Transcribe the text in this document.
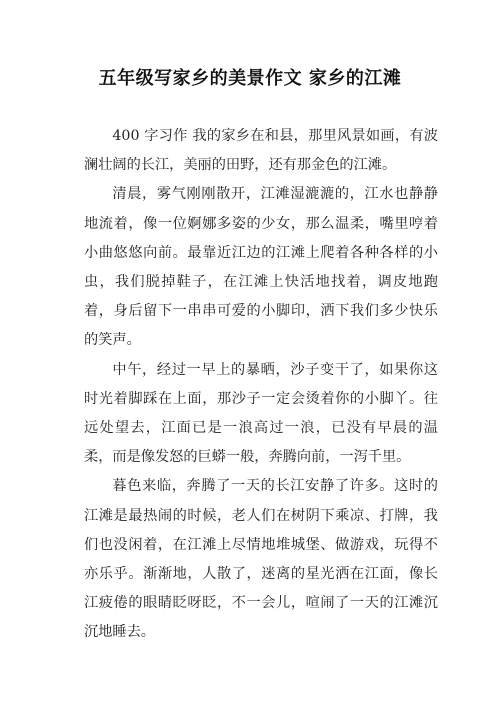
五年级写家乡的美景作文 家乡的江滩

400 字习作 我的家乡在和县，那里风景如画，有波澜壮阔的长江，美丽的田野，还有那金色的江滩。

清晨，雾气刚刚散开，江滩湿漉漉的，江水也静静地流着，像一位婀娜多姿的少女，那么温柔，嘴里哼着小曲悠悠向前。最靠近江边的江滩上爬着各种各样的小虫，我们脱掉鞋子，在江滩上快活地找着，调皮地跑着，身后留下一串串可爱的小脚印，洒下我们多少快乐的笑声。

中午，经过一早上的暴晒，沙子变干了，如果你这时光着脚踩在上面，那沙子一定会烫着你的小脚丫。往远处望去，江面已是一浪高过一浪，已没有早晨的温柔，而是像发怒的巨蟒一般，奔腾向前，一泻千里。

暮色来临，奔腾了一天的长江安静了许多。这时的江滩是最热闹的时候，老人们在树阴下乘凉、打牌，我们也没闲着，在江滩上尽情地堆城堡、做游戏，玩得不亦乐乎。渐渐地，人散了，迷离的星光洒在江面，像长江疲倦的眼睛眨呀眨，不一会儿，喧闹了一天的江滩沉沉地睡去。
